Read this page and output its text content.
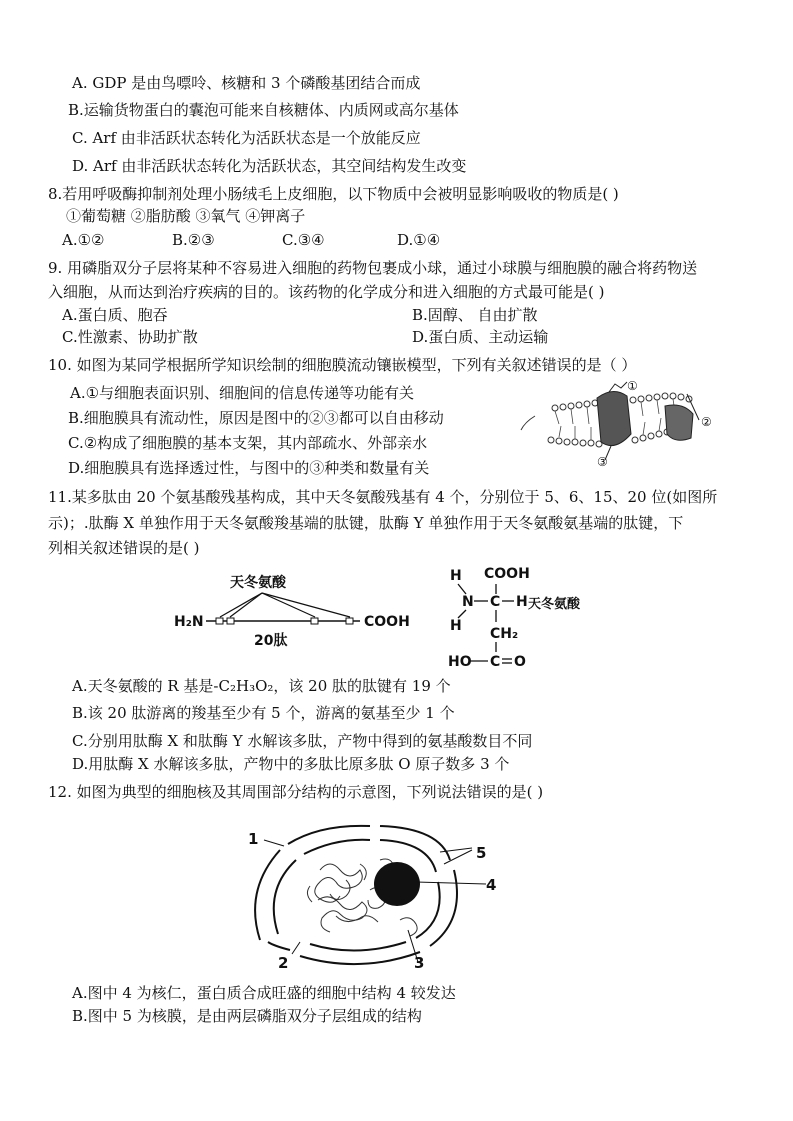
A. GDP 是由鸟嘌呤、核糖和 3 个磷酸基团结合而成
B.运输货物蛋白的囊泡可能来自核糖体、内质网或高尔基体
C. Arf 由非活跃状态转化为活跃状态是一个放能反应
D. Arf 由非活跃状态转化为活跃状态，其空间结构发生改变
8.若用呼吸酶抑制剂处理小肠绒毛上皮细胞，以下物质中会被明显影响吸收的物质是( )
①葡萄糖 ②脂肪酸 ③氧气 ④钾离子
A.①②	B.②③	C.③④	D.①④
9. 用磷脂双分子层将某种不容易进入细胞的药物包裹成小球，通过小球膜与细胞膜的融合将药物送
入细胞，从而达到治疗疾病的目的。该药物的化学成分和进入细胞的方式最可能是( )
A.蛋白质、胞吞	B.固醇、 自由扩散
C.性激素、协助扩散	D.蛋白质、主动运输
10. 如图为某同学根据所学知识绘制的细胞膜流动镶嵌模型，下列有关叙述错误的是（ ）
A.①与细胞表面识别、细胞间的信息传递等功能有关
B.细胞膜具有流动性，原因是图中的②③都可以自由移动
C.②构成了细胞膜的基本支架，其内部疏水、外部亲水
D.细胞膜具有选择透过性，与图中的③种类和数量有关
①
②
③
11.某多肽由 20 个氨基酸残基构成，其中天冬氨酸残基有 4 个，分别位于 5、6、15、20 位(如图所
示)；.肽酶 X 单独作用于天冬氨酸羧基端的肽键，肽酶 Y 单独作用于天冬氨酸氨基端的肽键，下
列相关叙述错误的是( )
天冬氨酸
H₂N	COOH
20肽
H COOH
N C H 天冬氨酸
H CH₂
HO C O
A.天冬氨酸的 R 基是-C₂H₃O₂，该 20 肽的肽键有 19 个
B.该 20 肽游离的羧基至少有 5 个，游离的氨基至少 1 个
C.分别用肽酶 X 和肽酶 Y 水解该多肽，产物中得到的氨基酸数目不同
D.用肽酶 X 水解该多肽，产物中的多肽比原多肽 O 原子数多 3 个
12. 如图为典型的细胞核及其周围部分结构的示意图，下列说法错误的是( )
1
5
4
2	3
A.图中 4 为核仁，蛋白质合成旺盛的细胞中结构 4 较发达
B.图中 5 为核膜，是由两层磷脂双分子层组成的结构
